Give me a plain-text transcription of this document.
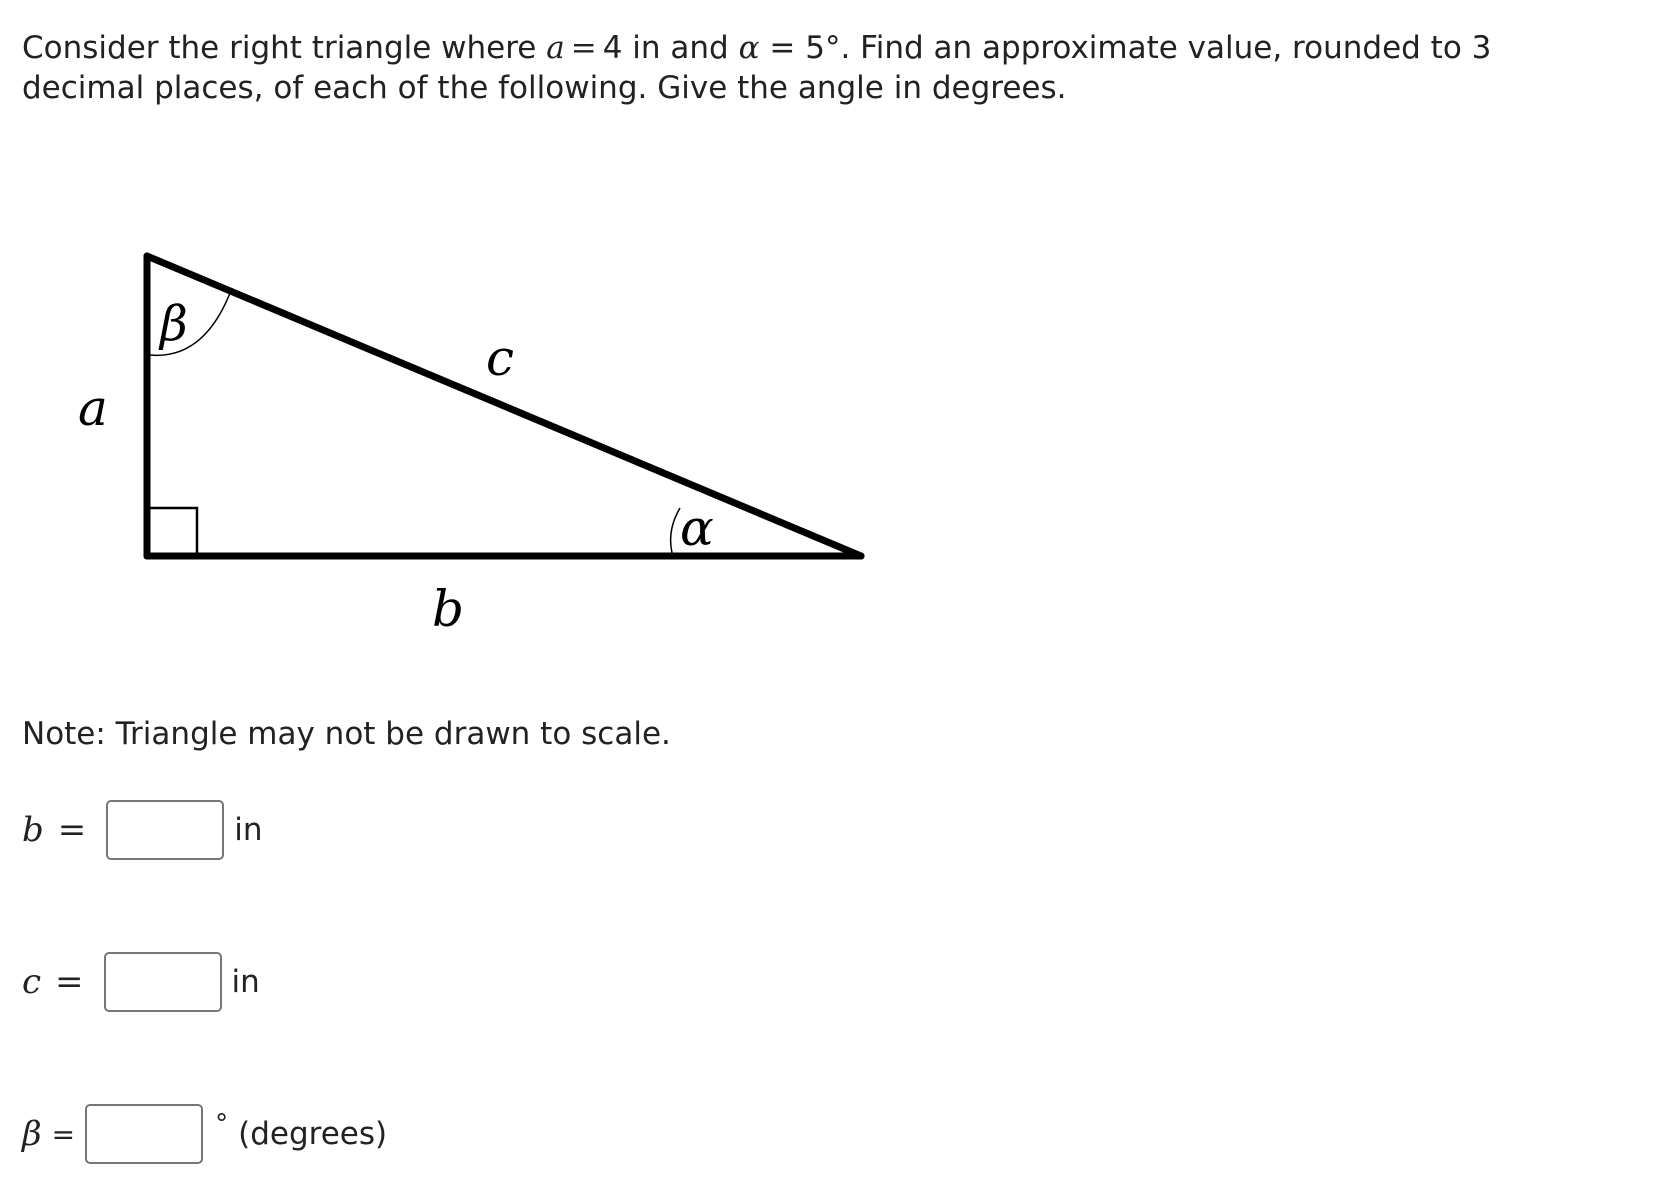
Consider the right triangle where a = 4 in and α = 5°. Find an approximate value, rounded to 3 decimal places, of each of the following. Give the angle in degrees.

β
a
c
α
b

Note: Triangle may not be drawn to scale.

b =	in
c =	in
β =	° (degrees)
